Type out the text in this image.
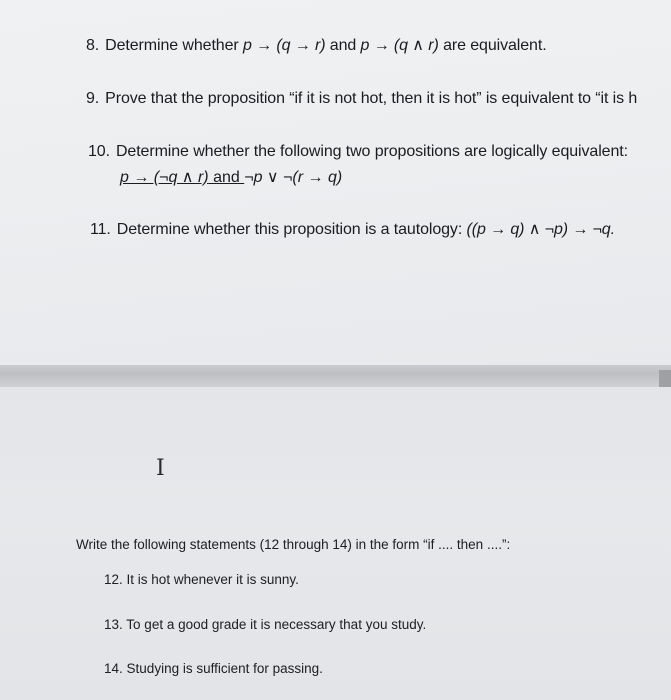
8. Determine whether p → (q → r) and p → (q ∧ r) are equivalent.
9. Prove that the proposition “if it is not hot, then it is hot” is equivalent to “it is h
10. Determine whether the following two propositions are logically equivalent:
p → (¬q ∧ r) and ¬p ∨ ¬(r → q)
11. Determine whether this proposition is a tautology: ((p → q) ∧ ¬p) → ¬q.
I
Write the following statements (12 through 14) in the form “if .... then ....”:
12. It is hot whenever it is sunny.
13. To get a good grade it is necessary that you study.
14. Studying is sufficient for passing.
